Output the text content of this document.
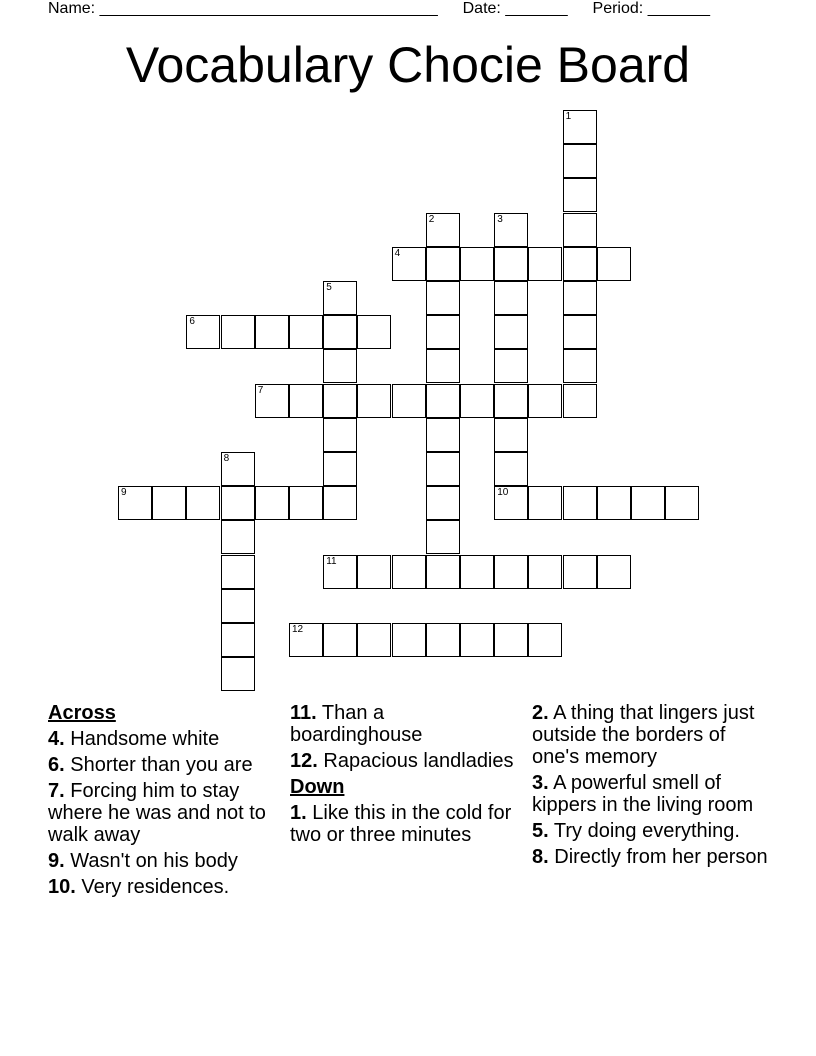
Name: ______________________________________ Date: _______ Period: _______
Vocabulary Chocie Board
1
2	3
4
5
6
7
8
9	10
11
12
Across
4. Handsome white
6. Shorter than you are
7. Forcing him to stay where he was and not to walk away
9. Wasn't on his body
10. Very residences.
11. Than a boardinghouse
12. Rapacious landladies
Down
1. Like this in the cold for two or three minutes
2. A thing that lingers just outside the borders of one's memory
3. A powerful smell of kippers in the living room
5. Try doing everything.
8. Directly from her person
